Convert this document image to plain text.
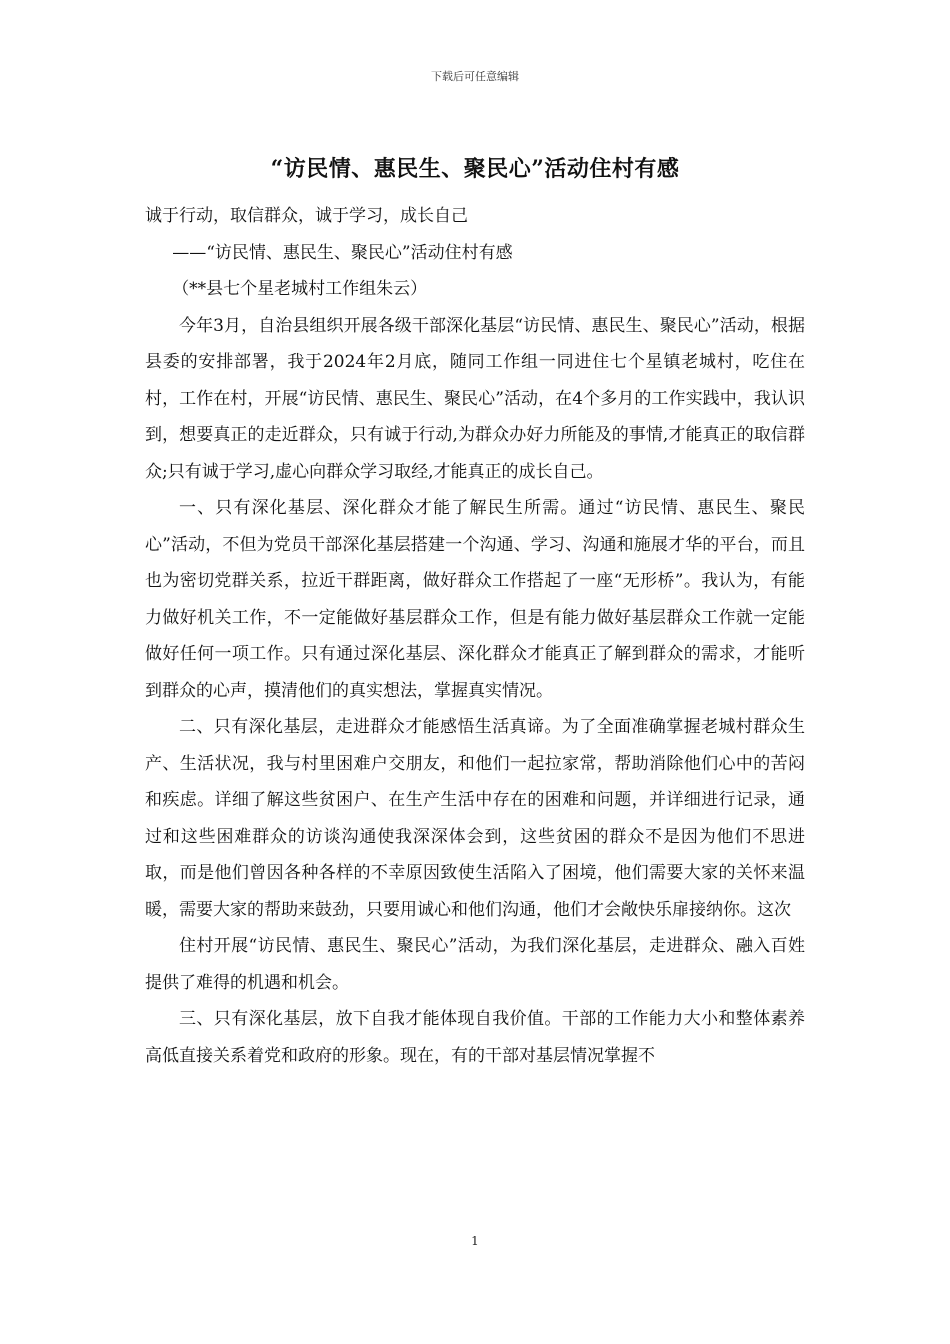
下载后可任意编辑
“访民情、惠民生、聚民心”活动住村有感

诚于行动，取信群众，诚于学习，成长自己

——“访民情、惠民生、聚民心”活动住村有感

（**县七个星老城村工作组朱云）

今年3月，自治县组织开展各级干部深化基层“访民情、惠民生、聚民心”活动，根据县委的安排部署，我于2024年2月底，随同工作组一同进住七个星镇老城村，吃住在村，工作在村，开展“访民情、惠民生、聚民心”活动，在4个多月的工作实践中，我认识到，想要真正的走近群众，只有诚于行动,为群众办好力所能及的事情,才能真正的取信群众;只有诚于学习,虚心向群众学习取经,才能真正的成长自己。

一、只有深化基层、深化群众才能了解民生所需。通过“访民情、惠民生、聚民心”活动，不但为党员干部深化基层搭建一个沟通、学习、沟通和施展才华的平台，而且也为密切党群关系，拉近干群距离，做好群众工作搭起了一座“无形桥”。我认为，有能力做好机关工作，不一定能做好基层群众工作，但是有能力做好基层群众工作就一定能做好任何一项工作。只有通过深化基层、深化群众才能真正了解到群众的需求，才能听到群众的心声，摸清他们的真实想法，掌握真实情况。

二、只有深化基层，走进群众才能感悟生活真谛。为了全面准确掌握老城村群众生产、生活状况，我与村里困难户交朋友，和他们一起拉家常，帮助消除他们心中的苦闷和疾虑。详细了解这些贫困户、在生产生活中存在的困难和问题，并详细进行记录，通过和这些困难群众的访谈沟通使我深深体会到，这些贫困的群众不是因为他们不思进取，而是他们曾因各种各样的不幸原因致使生活陷入了困境，他们需要大家的关怀来温暖，需要大家的帮助来鼓劲，只要用诚心和他们沟通，他们才会敞快乐扉接纳你。这次

住村开展“访民情、惠民生、聚民心”活动，为我们深化基层，走进群众、融入百姓提供了难得的机遇和机会。

三、只有深化基层，放下自我才能体现自我价值。干部的工作能力大小和整体素养高低直接关系着党和政府的形象。现在，有的干部对基层情况掌握不

1
